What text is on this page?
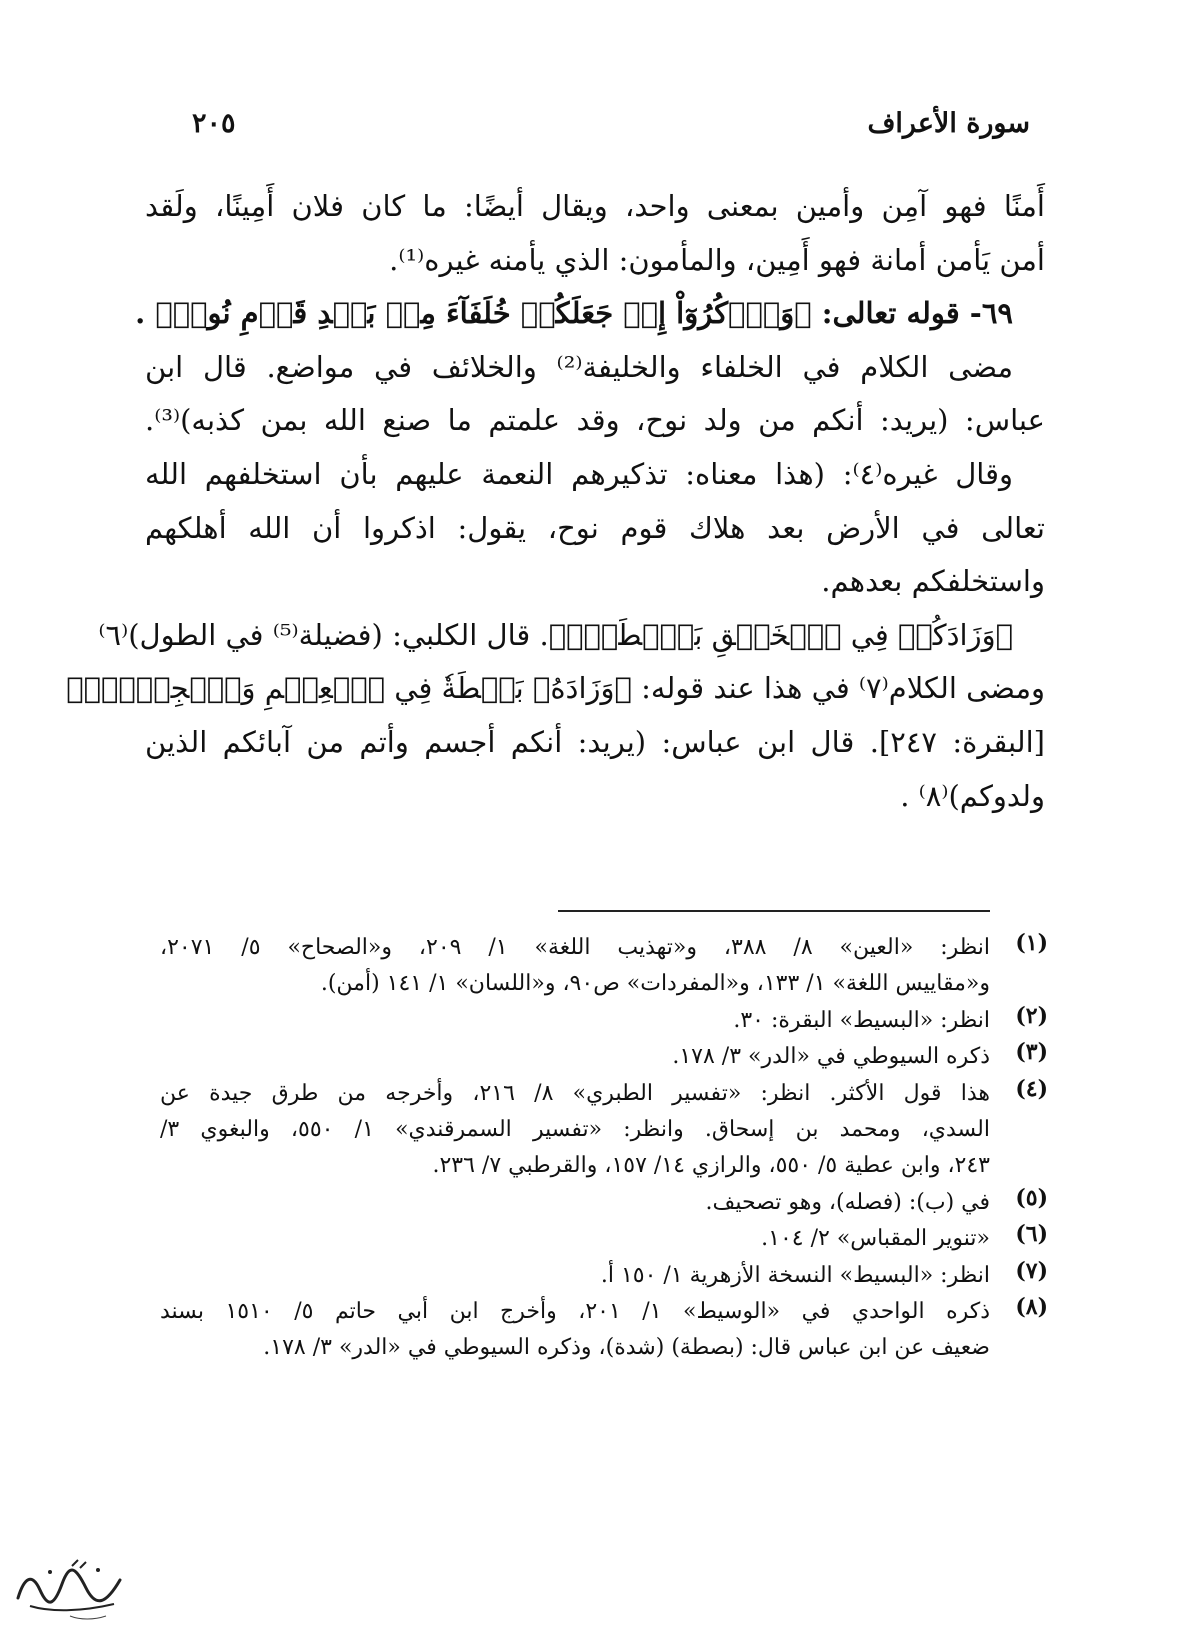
سورة الأعراف
٢٠٥
أَمنًا فهو آمِن وأمين بمعنى واحد، ويقال أيضًا: ما كان فلان أَمِينًا، ولَقد
أمن يَأمن أمانة فهو أَمِين، والمأمون: الذي يأمنه غيره⁽¹⁾.
٦٩- قوله تعالى: ﴿وَٱذۡكُرُوٓاْ إِذۡ جَعَلَكُمۡ خُلَفَآءَ مِنۢ بَعۡدِ قَوۡمِ نُوحٖ﴾ .
مضى الكلام في الخلفاء والخليفة⁽²⁾ والخلائف في مواضع. قال ابن
عباس: (يريد: أنكم من ولد نوح، وقد علمتم ما صنع الله بمن كذبه)⁽³⁾.
وقال غيره⁽٤⁾: (هذا معناه: تذكيرهم النعمة عليهم بأن استخلفهم الله
تعالى في الأرض بعد هلاك قوم نوح، يقول: اذكروا أن الله أهلكهم
واستخلفكم بعدهم.
﴿وَزَادَكُمۡ فِي ٱلۡخَلۡقِ بَصۜۡطَةٗۖ﴾. قال الكلبي: (فضيلة⁽⁵⁾ في الطول)⁽٦⁾
ومضى الكلام⁽٧⁾ في هذا عند قوله: ﴿وَزَادَهُۥ بَسۡطَةٗ فِي ٱلۡعِلۡمِ وَٱلۡجِسۡمِۖ﴾
[البقرة: ٢٤٧]. قال ابن عباس: (يريد: أنكم أجسم وأتم من آبائكم الذين
ولدوكم)⁽٨⁾ .
(١)
انظر: «العين» ٨/ ٣٨٨، و«تهذيب اللغة» ١/ ٢٠٩، و«الصحاح» ٥/ ٢٠٧١،
و«مقاييس اللغة» ١/ ١٣٣، و«المفردات» ص٩٠، و«اللسان» ١/ ١٤١ (أمن).
(٢)
انظر: «البسيط» البقرة: ٣٠.
(٣)
ذكره السيوطي في «الدر» ٣/ ١٧٨.
(٤)
هذا قول الأكثر. انظر: «تفسير الطبري» ٨/ ٢١٦، وأخرجه من طرق جيدة عن
السدي، ومحمد بن إسحاق. وانظر: «تفسير السمرقندي» ١/ ٥٥٠، والبغوي ٣/
٢٤٣، وابن عطية ٥/ ٥٥٠، والرازي ١٤/ ١٥٧، والقرطبي ٧/ ٢٣٦.
(٥)
في (ب): (فصله)، وهو تصحيف.
(٦)
«تنوير المقباس» ٢/ ١٠٤.
(٧)
انظر: «البسيط» النسخة الأزهرية ١/ ١٥٠ أ.
(٨)
ذكره الواحدي في «الوسيط» ١/ ٢٠١، وأخرج ابن أبي حاتم ٥/ ١٥١٠ بسند
ضعيف عن ابن عباس قال: (بصطة) (شدة)، وذكره السيوطي في «الدر» ٣/ ١٧٨.
